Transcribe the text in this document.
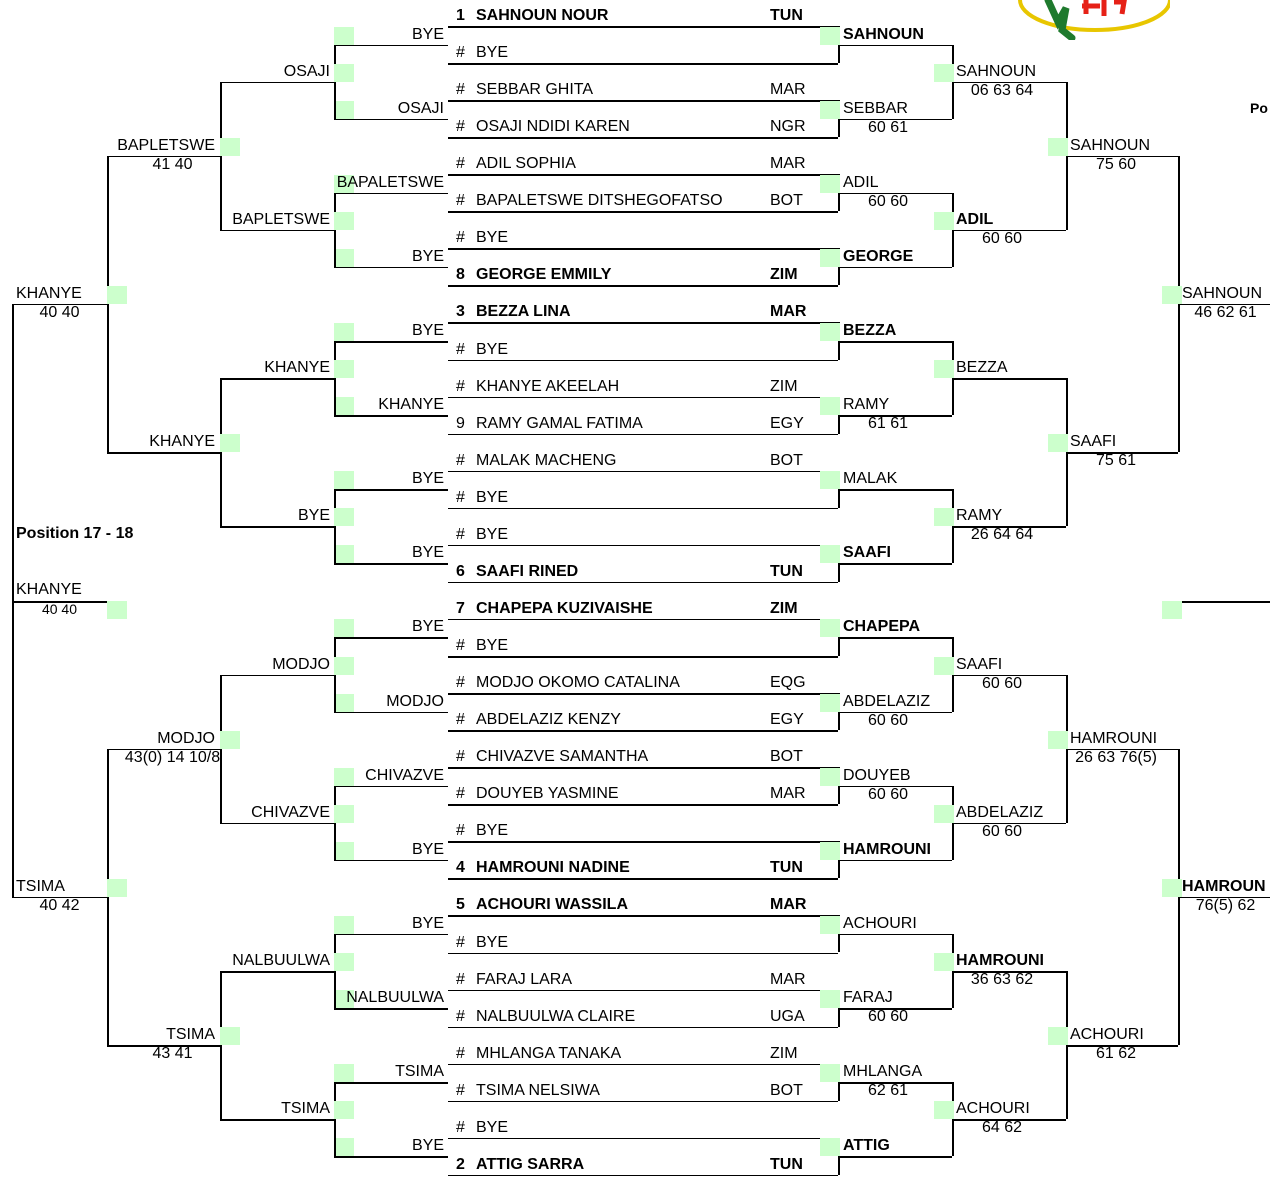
Position 17 - 18
Po
1 SAHNOUN NOUR	TUN
# BYE
# SEBBAR GHITA	MAR
# OSAJI NDIDI KAREN	NGR
# ADIL SOPHIA	MAR
# BAPALETSWE DITSHEGOFATSO	BOT
# BYE
8 GEORGE EMMILY	ZIM
3 BEZZA LINA	MAR
# BYE
# KHANYE AKEELAH	ZIM
9 RAMY GAMAL FATIMA	EGY
# MALAK MACHENG	BOT
# BYE
# BYE
6 SAAFI RINED	TUN
7 CHAPEPA KUZIVAISHE	ZIM
# BYE
# MODJO OKOMO CATALINA	EQG
# ABDELAZIZ KENZY	EGY
# CHIVAZVE SAMANTHA	BOT
# DOUYEB YASMINE	MAR
# BYE
4 HAMROUNI NADINE	TUN
5 ACHOURI WASSILA	MAR
# BYE
# FARAJ LARA	MAR
# NALBUULWA CLAIRE	UGA
# MHLANGA TANAKA	ZIM
# TSIMA NELSIWA	BOT
# BYE
2 ATTIG SARRA	TUN
SAHNOUN
SEBBAR
60 61
ADIL
60 60
GEORGE
BEZZA
RAMY
61 61
MALAK
SAAFI
CHAPEPA
ABDELAZIZ
60 60
DOUYEB
60 60
HAMROUNI
ACHOURI
FARAJ
60 60
MHLANGA
62 61
ATTIG
SAHNOUN
06 63 64
ADIL
60 60
BEZZA
RAMY
26 64 64
SAAFI
60 60
ABDELAZIZ
60 60
HAMROUNI
36 63 62
ACHOURI
64 62
SAHNOUN
75 60
SAAFI
75 61
HAMROUNI
26 63 76(5)
ACHOURI
61 62
SAHNOUN
46 62 61
HAMROUN
76(5) 62
BYE
OSAJI
BAPALETSWE
BYE
BYE
KHANYE
BYE
BYE
BYE
MODJO
CHIVAZVE
BYE
BYE
NALBUULWA
TSIMA
BYE
OSAJI
BAPLETSWE
KHANYE
BYE
MODJO
CHIVAZVE
NALBUULWA
TSIMA
BAPLETSWE
41 40
KHANYE
MODJO
43(0) 14 10/8
TSIMA
43 41
KHANYE
40 40
TSIMA
40 42
KHANYE
40 40
